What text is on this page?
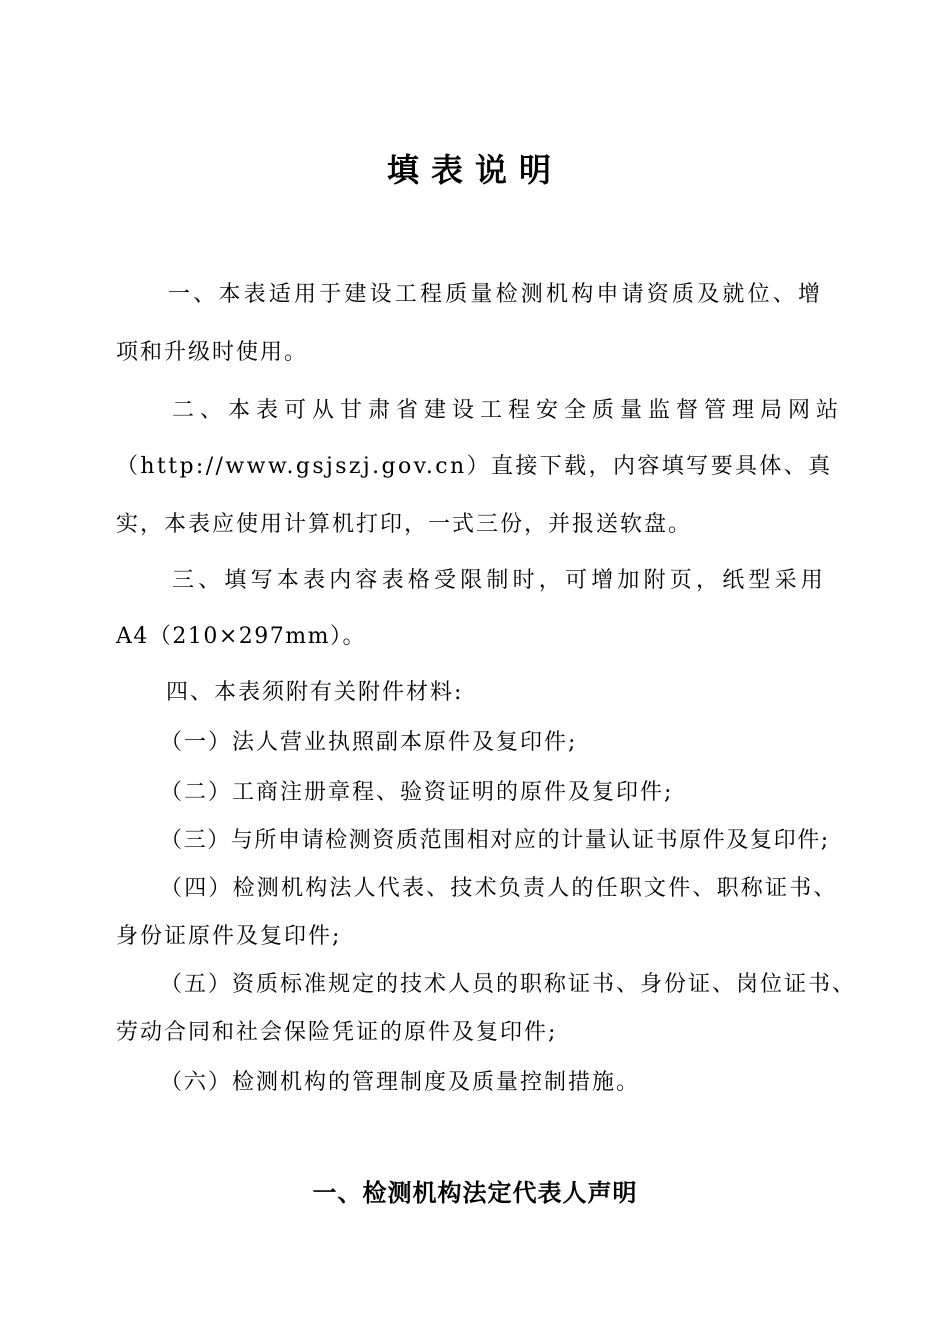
填表说明
一、本表适用于建设工程质量检测机构申请资质及就位、增
项和升级时使用。
二、本表可从甘肃省建设工程安全质量监督管理局网站
（http://www.gsjszj.gov.cn）直接下载，内容填写要具体、真
实，本表应使用计算机打印，一式三份，并报送软盘。
三、填写本表内容表格受限制时，可增加附页，纸型采用
A4（210×297mm）。
四、本表须附有关附件材料:
（一）法人营业执照副本原件及复印件;
（二）工商注册章程、验资证明的原件及复印件;
（三）与所申请检测资质范围相对应的计量认证书原件及复印件;
（四）检测机构法人代表、技术负责人的任职文件、职称证书、
身份证原件及复印件;
（五）资质标准规定的技术人员的职称证书、身份证、岗位证书、
劳动合同和社会保险凭证的原件及复印件;
（六）检测机构的管理制度及质量控制措施。
一、检测机构法定代表人声明
